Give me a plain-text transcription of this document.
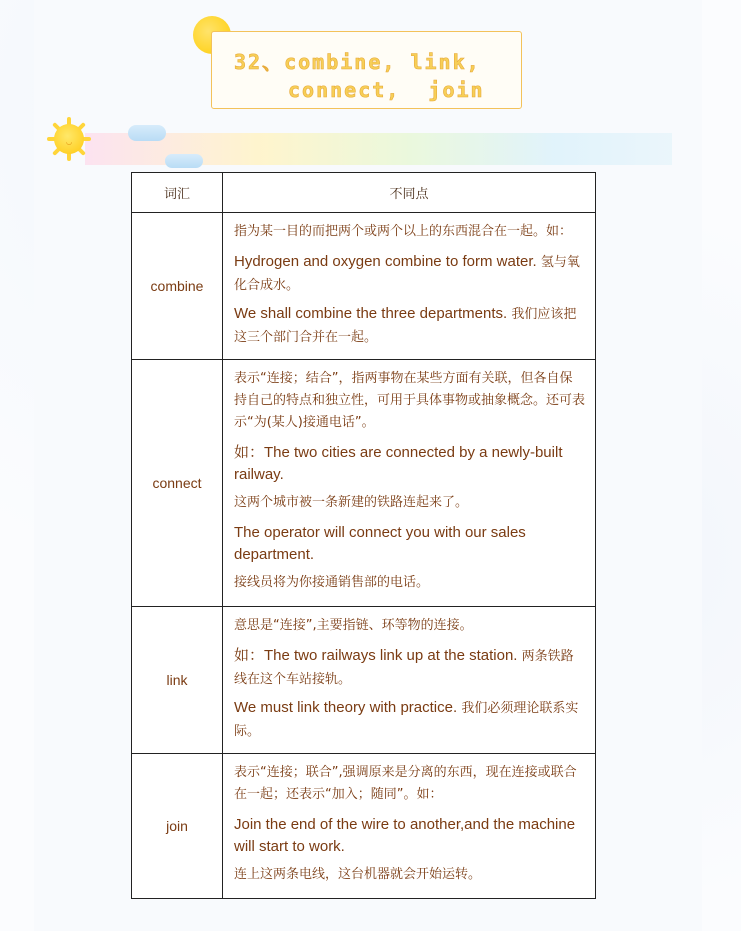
32、combine, link,
connect,  join
◡
词汇	不同点
combine	指为某一目的而把两个或两个以上的东西混合在一起。如：

Hydrogen and oxygen combine to form water. 氢与氧化合成水。

We shall combine the three departments. 我们应该把这三个部门合并在一起。

connect	表示“连接；结合”，指两事物在某些方面有关联，但各自保持自己的特点和独立性，可用于具体事物或抽象概念。还可表示“为(某人)接通电话”。

如：The two cities are connected by a newly-built railway.

这两个城市被一条新建的铁路连起来了。

The operator will connect you with our sales department.

接线员将为你接通销售部的电话。

link	意思是“连接”,主要指链、环等物的连接。

如：The two railways link up at the station. 两条铁路线在这个车站接轨。

We must link theory with practice. 我们必须理论联系实际。

join	表示“连接；联合”,强调原来是分离的东西，现在连接或联合在一起；还表示“加入；随同”。如：

Join the end of the wire to another,and the machine will start to work.

连上这两条电线，这台机器就会开始运转。
